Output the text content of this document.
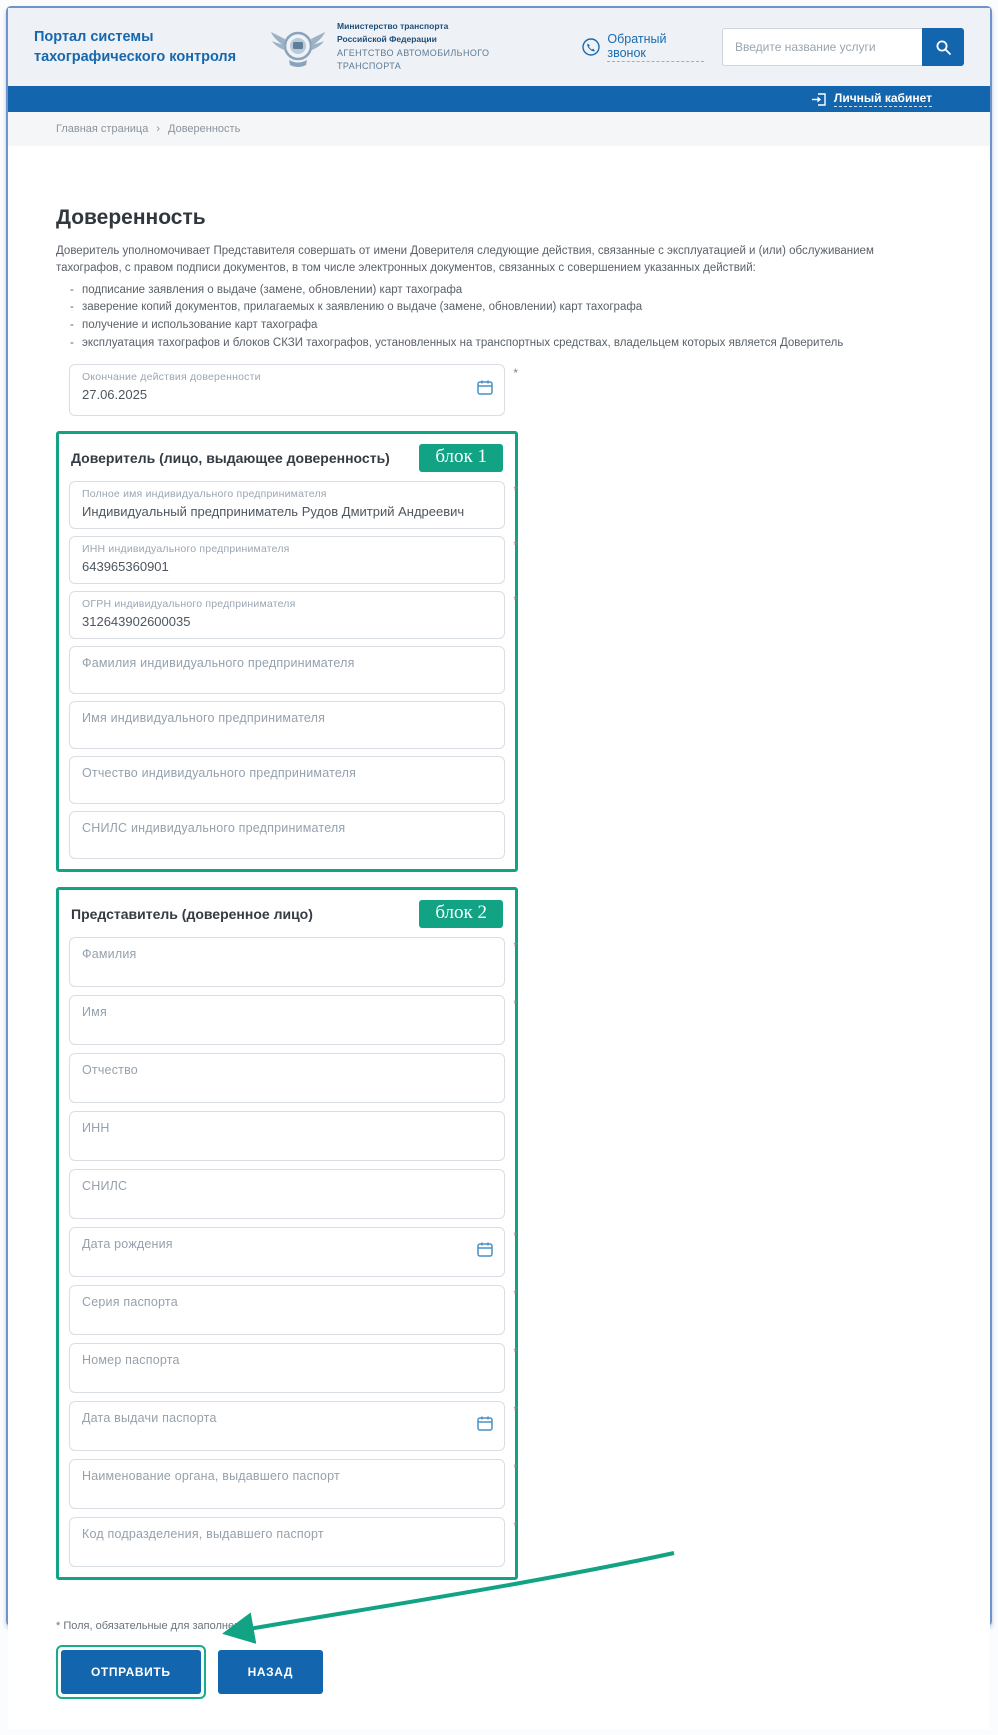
Портал системы
тахографического контроля
Министерство транспорта
Российской Федерации
АГЕНТСТВО АВТОМОБИЛЬНОГО ТРАНСПОРТА
Обратный звонок
Введите название услуги
Личный кабинет
Главная страница › Доверенность
Доверенность

Доверитель уполномочивает Представителя совершать от имени Доверителя следующие действия, связанные с эксплуатацией и (или) обслуживанием тахографов, с правом подписи документов, в том числе электронных документов, связанных с совершением указанных действий:

- подписание заявления о выдаче (замене, обновлении) карт тахографа
- заверение копий документов, прилагаемых к заявлению о выдаче (замене, обновлении) карт тахографа
- получение и использование карт тахографа
- эксплуатация тахографов и блоков СКЗИ тахографов, установленных на транспортных средствах, владельцем которых является Доверитель
Окончание действия доверенности
27.06.2025
*
Доверитель (лицо, выдающее доверенность)	блок 1
Полное имя индивидуального предпринимателя
Индивидуальный предприниматель Рудов Дмитрий Андреевич
*
ИНН индивидуального предпринимателя
643965360901
*
ОГРН индивидуального предпринимателя
312643902600035
*
Фамилия индивидуального предпринимателя
Имя индивидуального предпринимателя
Отчество индивидуального предпринимателя
СНИЛС индивидуального предпринимателя
Представитель (доверенное лицо)	блок 2
Фамилия
*
Имя
*
Отчество
ИНН
СНИЛС
Дата рождения
*
Серия паспорта
*
Номер паспорта
*
Дата выдачи паспорта
*
Наименование органа, выдавшего паспорт
*
Код подразделения, выдавшего паспорт
*
* Поля, обязательные для заполнения
ОТПРАВИТЬ	НАЗАД
